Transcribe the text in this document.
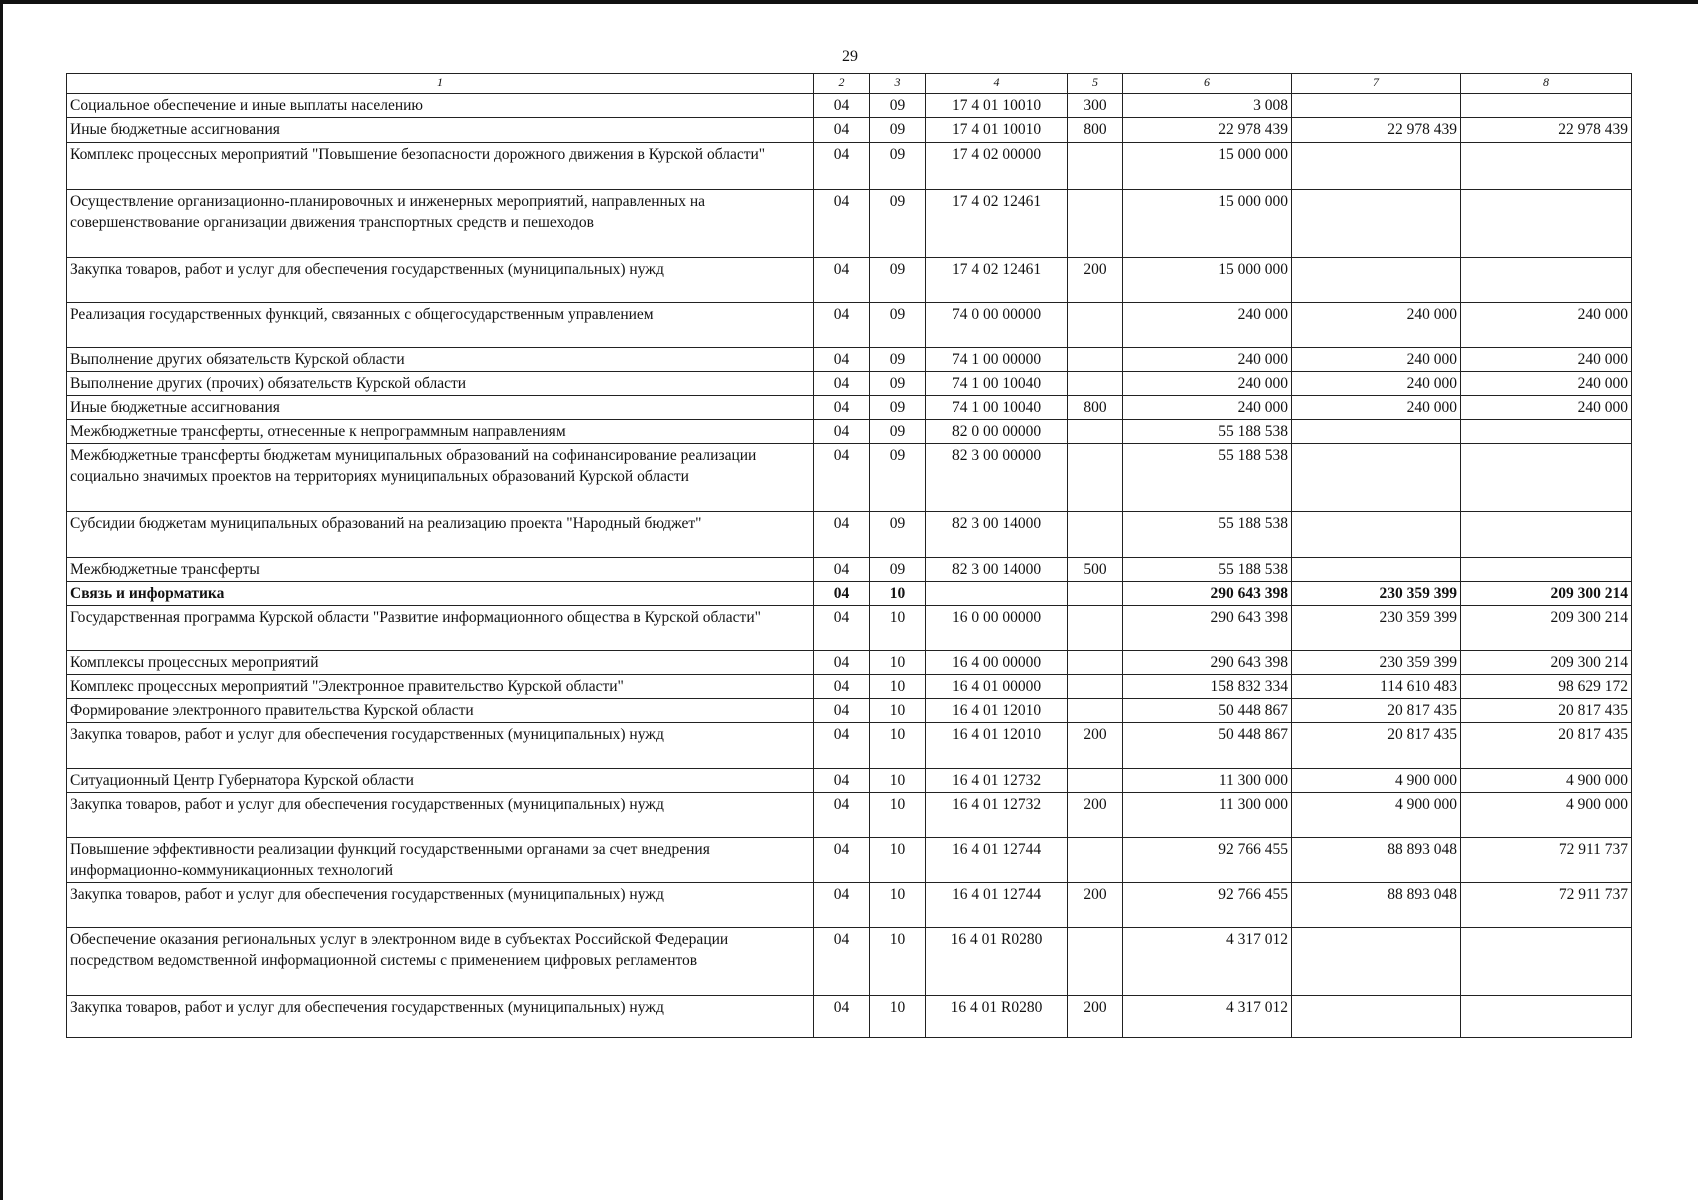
29
1	2	3	4	5	6	7	8
Социальное обеспечение и иные выплаты населению	04	09	17 4 01 10010	300	3 008		
Иные бюджетные ассигнования	04	09	17 4 01 10010	800	22 978 439	22 978 439	22 978 439
Комплекс процессных мероприятий "Повышение безопасности дорожного движения в Курской области"	04	09	17 4 02 00000		15 000 000		
Осуществление организационно-планировочных и инженерных мероприятий, направленных на совершенствование организации движения транспортных средств и пешеходов	04	09	17 4 02 12461		15 000 000		
Закупка товаров, работ и услуг для обеспечения государственных (муниципальных) нужд	04	09	17 4 02 12461	200	15 000 000		
Реализация государственных функций, связанных с общегосударственным управлением	04	09	74 0 00 00000		240 000	240 000	240 000
Выполнение других обязательств Курской области	04	09	74 1 00 00000		240 000	240 000	240 000
Выполнение других (прочих) обязательств Курской области	04	09	74 1 00 10040		240 000	240 000	240 000
Иные бюджетные ассигнования	04	09	74 1 00 10040	800	240 000	240 000	240 000
Межбюджетные трансферты, отнесенные к непрограммным направлениям	04	09	82 0 00 00000		55 188 538		
Межбюджетные трансферты бюджетам муниципальных образований на софинансирование реализации социально значимых проектов на территориях муниципальных образований Курской области	04	09	82 3 00 00000		55 188 538		
Субсидии бюджетам муниципальных образований на реализацию проекта "Народный бюджет"	04	09	82 3 00 14000		55 188 538		
Межбюджетные трансферты	04	09	82 3 00 14000	500	55 188 538		
Связь и информатика	04	10			290 643 398	230 359 399	209 300 214
Государственная программа Курской области "Развитие информационного общества в Курской области"	04	10	16 0 00 00000		290 643 398	230 359 399	209 300 214
Комплексы процессных мероприятий	04	10	16 4 00 00000		290 643 398	230 359 399	209 300 214
Комплекс процессных мероприятий "Электронное правительство Курской области"	04	10	16 4 01 00000		158 832 334	114 610 483	98 629 172
Формирование электронного правительства Курской области	04	10	16 4 01 12010		50 448 867	20 817 435	20 817 435
Закупка товаров, работ и услуг для обеспечения государственных (муниципальных) нужд	04	10	16 4 01 12010	200	50 448 867	20 817 435	20 817 435
Ситуационный Центр Губернатора Курской области	04	10	16 4 01 12732		11 300 000	4 900 000	4 900 000
Закупка товаров, работ и услуг для обеспечения государственных (муниципальных) нужд	04	10	16 4 01 12732	200	11 300 000	4 900 000	4 900 000
Повышение эффективности реализации функций государственными органами за счет внедрения информационно-коммуникационных технологий	04	10	16 4 01 12744		92 766 455	88 893 048	72 911 737
Закупка товаров, работ и услуг для обеспечения государственных (муниципальных) нужд	04	10	16 4 01 12744	200	92 766 455	88 893 048	72 911 737
Обеспечение оказания региональных услуг в электронном виде в субъектах Российской Федерации посредством ведомственной информационной системы с применением цифровых регламентов	04	10	16 4 01 R0280		4 317 012		
Закупка товаров, работ и услуг для обеспечения государственных (муниципальных) нужд	04	10	16 4 01 R0280	200	4 317 012		
